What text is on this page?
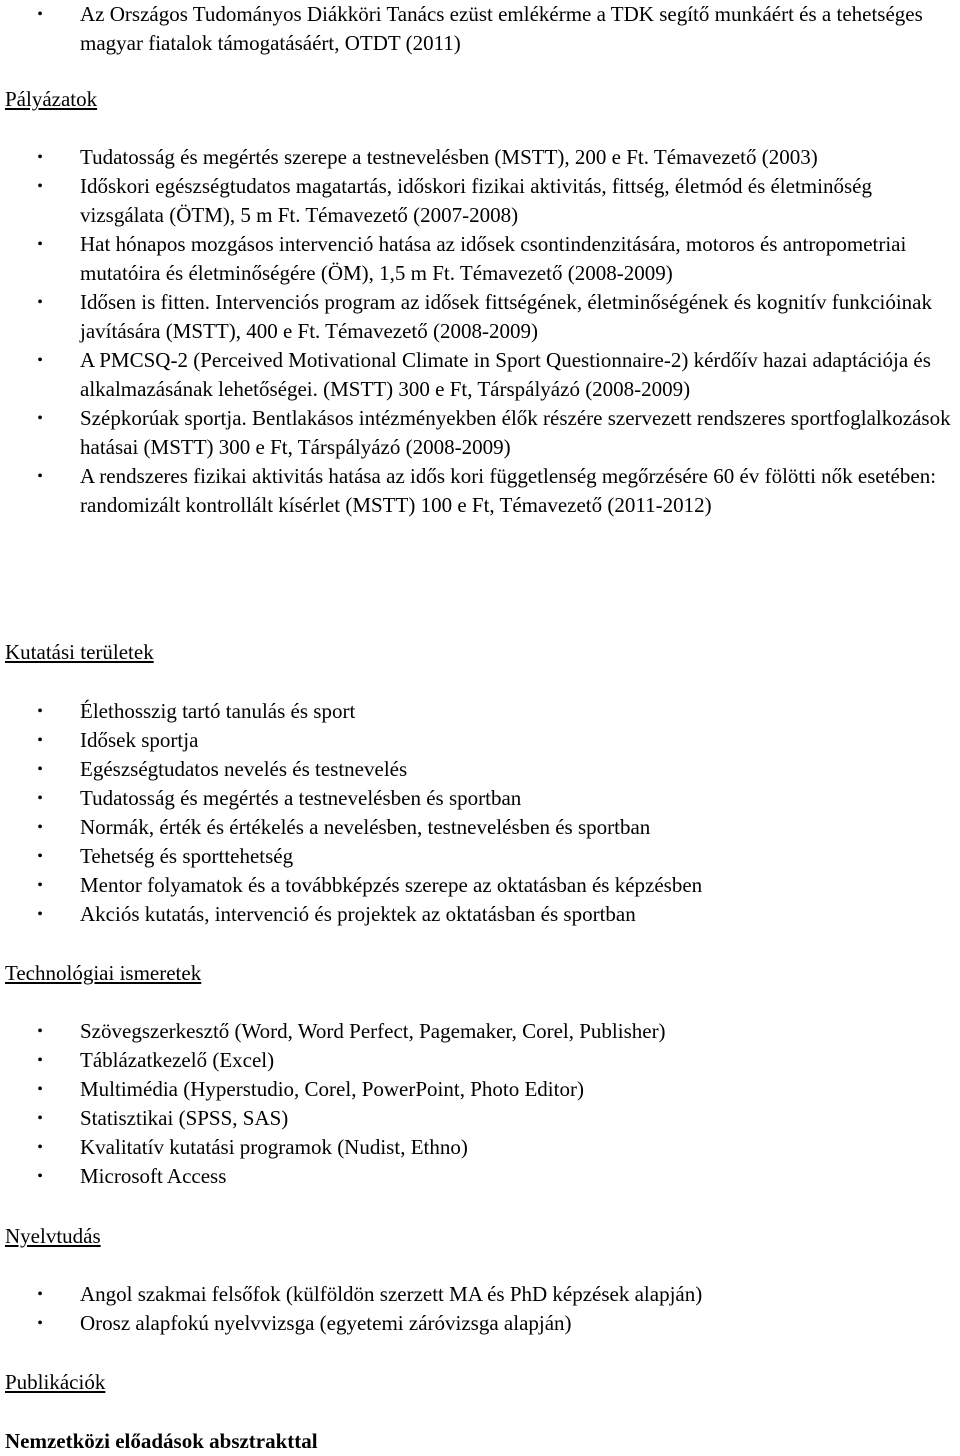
•	Az Országos Tudományos Diákköri Tanács ezüst emlékérme a TDK segítő munkáért és a tehetséges magyar fiatalok támogatásáért, OTDT (2011)
Pályázatok
•	Tudatosság és megértés szerepe a testnevelésben (MSTT), 200 e Ft. Témavezető (2003)
•	Időskori egészségtudatos magatartás, időskori fizikai aktivitás, fittség, életmód és életminőség vizsgálata (ÖTM), 5 m Ft. Témavezető (2007-2008)
•	Hat hónapos mozgásos intervenció hatása az idősek csontindenzitására, motoros és antropometriai mutatóira és életminőségére (ÖM), 1,5 m Ft. Témavezető (2008-2009)
•	Idősen is fitten. Intervenciós program az idősek fittségének, életminőségének és kognitív funkcióinak javítására (MSTT), 400 e Ft. Témavezető (2008-2009)
•	A PMCSQ-2 (Perceived Motivational Climate in Sport Questionnaire-2) kérdőív hazai adaptációja és alkalmazásának lehetőségei. (MSTT) 300 e Ft, Társpályázó (2008-2009)
•	Szépkorúak sportja. Bentlakásos intézményekben élők részére szervezett rendszeres sportfoglalkozások hatásai (MSTT) 300 e Ft, Társpályázó (2008-2009)
•	A rendszeres fizikai aktivitás hatása az idős kori függetlenség megőrzésére 60 év fölötti nők esetében: randomizált kontrollált kísérlet (MSTT) 100 e Ft, Témavezető (2011-2012)
Kutatási területek
•	Élethosszig tartó tanulás és sport
•	Idősek sportja
•	Egészségtudatos nevelés és testnevelés
•	Tudatosság és megértés a testnevelésben és sportban
•	Normák, érték és értékelés a nevelésben, testnevelésben és sportban
•	Tehetség és sporttehetség
•	Mentor folyamatok és a továbbképzés szerepe az oktatásban és képzésben
•	Akciós kutatás, intervenció és projektek az oktatásban és sportban
Technológiai ismeretek
•	Szövegszerkesztő (Word, Word Perfect, Pagemaker, Corel, Publisher)
•	Táblázatkezelő (Excel)
•	Multimédia (Hyperstudio, Corel, PowerPoint, Photo Editor)
•	Statisztikai (SPSS, SAS)
•	Kvalitatív kutatási programok (Nudist, Ethno)
•	Microsoft Access
Nyelvtudás
•	Angol szakmai felsőfok (külföldön szerzett MA és PhD képzések alapján)
•	Orosz alapfokú nyelvvizsga (egyetemi záróvizsga alapján)
Publikációk
Nemzetközi előadások absztrakttal
